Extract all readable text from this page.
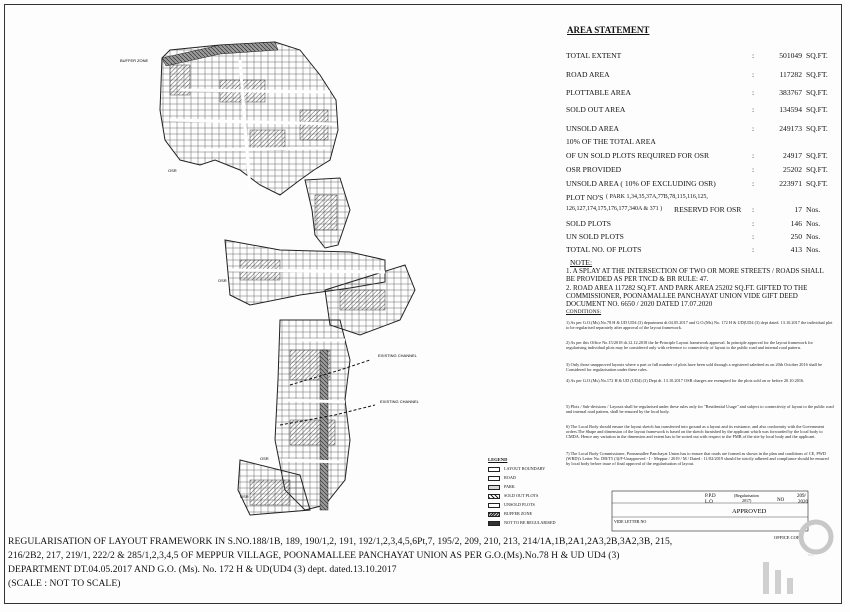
BUFFER ZONE
OSR
OSR
EXISTING CHANNEL
EXISTING CHANNEL
OSR
OSR
AREA STATEMENT
TOTAL EXTENT	:	501049 SQ.FT.
ROAD AREA	:	117282 SQ.FT.
PLOTTABLE AREA	:	383767 SQ.FT.
SOLD OUT AREA	:	134594 SQ.FT.
UNSOLD AREA	:	249173 SQ.FT.
10% OF THE TOTAL AREA
OF UN SOLD PLOTS REQUIRED FOR OSR	:	24917 SQ.FT.
OSR PROVIDED	:	25202 SQ.FT.
UNSOLD AREA ( 10% OF EXCLUDING OSR)	:	223971 SQ.FT.
PLOT NO'S ( PARK 1,34,35,37A,77B,78,115,116,125,
126,127,174,175,176,177,340A & 371 ) RESERVD FOR OSR :	17 Nos.
SOLD PLOTS	:	146 Nos.
UN SOLD PLOTS	:	250 Nos.
TOTAL NO. OF PLOTS	:	413 Nos.
NOTE:
1. A SPLAY AT THE INTERSECTION OF TWO OR MORE STREETS / ROADS SHALL BE PROVIDED AS PER TNCD & BR RULE: 47.
2. ROAD AREA 117282 SQ.FT. AND PARK AREA 25202 SQ.FT. GIFTED TO THE COMMISSIONER, POONAMALLEE PANCHAYAT UNION VIDE GIFT DEED DOCUMENT NO. 6650 / 2020 DATED 17.07.2020
CONDITIONS:
1) As per G.O.(Ms).No.78 H & UD UD4 (3) department dt.04.05.2017 and G.O.(Ms) No. 172 H & UD(UD4 (3) dept dated. 13.10.2017 the individual plot to be regularised separately after approval of the layout framework.
2) As per this Office No.15/2018 dt.12.12.2018 the In-Principle Layout framework approval. In principle approval for the layout framework for regularising individual plots may be considered only with reference to connectivity of layout to the public road and internal road pattern.
3) Only those unapproved layouts where a part or full number of plots have been sold through a registered saledeed as on 20th October 2016 shall be Considered for regularisation under these rules.
4) As per G.O.(Ms).No.172 H & UD (UD4) (3) Dept dt. 13.10.2017 OSR charges are exempted for the plots sold on or before 20.10.2016.
5) Plots / Sub-divisions / Layouts shall be regularised under these rules only for "Residential Usage" and subject to connectivity of layout to the public road and internal road pattern, shall be ensured by the local body.
6) The Local Body should ensure the layout sketch has transferred into ground as a layout and its existance, and also conformity with the Government orders.The Shape and dimension of the layout framework is based on the sketch furnished by the applicant which was forwarded by the local body to CMDA. Hence any variation in the dimension and extent has to be sorted out with respect to the FMB of the site by local body and the applicant.
7) The Local Body Commissioner, Poonamallee Panchayat Union has to ensure that roads are formed as shown in the plan and conditions of CE, PWD (WRD)'s Letter No. DB/T5 (3)/F-Unapproved - I - Meppur / 2019 / M / Dated : 11/02/2019 should be strictly adhered and compliance should be ensured by local body before issue of final approval of the regularisation of layout.
LEGEND
LAYOUT BOUNDARY
ROAD
PARK
SOLD OUT PLOTS
UNSOLD PLOTS
BUFFER ZONE
NOT TO BE REGULARISED
P.P.D
L.O
(Regularisation
2017)	NO
209/
2020
APPROVED
VIDE LETTER NO
OFFICE COPY
REGULARISATION OF LAYOUT FRAMEWORK IN S.NO.188/1B, 189, 190/1,2, 191, 192/1,2,3,4,5,6Pt,7, 195/2, 209, 210, 213, 214/1A,1B,2A1,2A3,2B,3A2,3B, 215,
216/2B2, 217, 219/1, 222/2 & 285/1,2,3,4,5 OF MEPPUR VILLAGE, POONAMALLEE PANCHAYAT UNION AS PER G.O.(Ms).No.78 H & UD UD4 (3)
DEPARTMENT DT.04.05.2017 AND G.O. (Ms). No. 172 H & UD(UD4 (3) dept. dated.13.10.2017
(SCALE : NOT TO SCALE)
OLX
